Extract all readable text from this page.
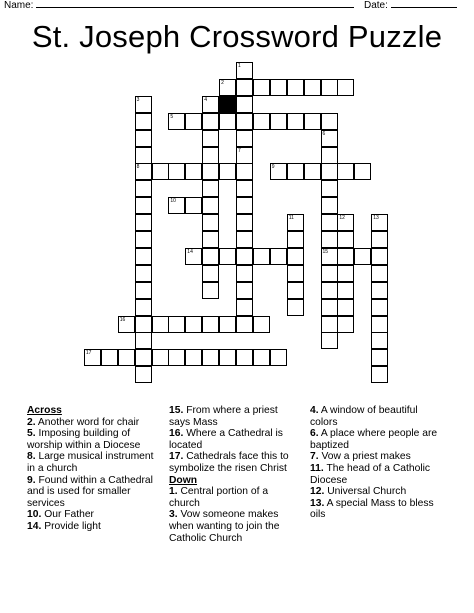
Name:	Date:
St. Joseph Crossword Puzzle
1
7
2
3
8
4
5
6
15
9
10
11	12	13
14
16
17
Across
2. Another word for chair
5. Imposing building of worship within a Diocese
8. Large musical instrument in a church
9. Found within a Cathedral and is used for smaller services
10. Our Father
14. Provide light
15. From where a priest says Mass
16. Where a Cathedral is located
17. Cathedrals face this to symbolize the risen Christ
Down
1. Central portion of a church
3. Vow someone makes when wanting to join the Catholic Church
4. A window of beautiful colors
6. A place where people are baptized
7. Vow a priest makes
11. The head of a Catholic Diocese
12. Universal Church
13. A special Mass to bless oils
